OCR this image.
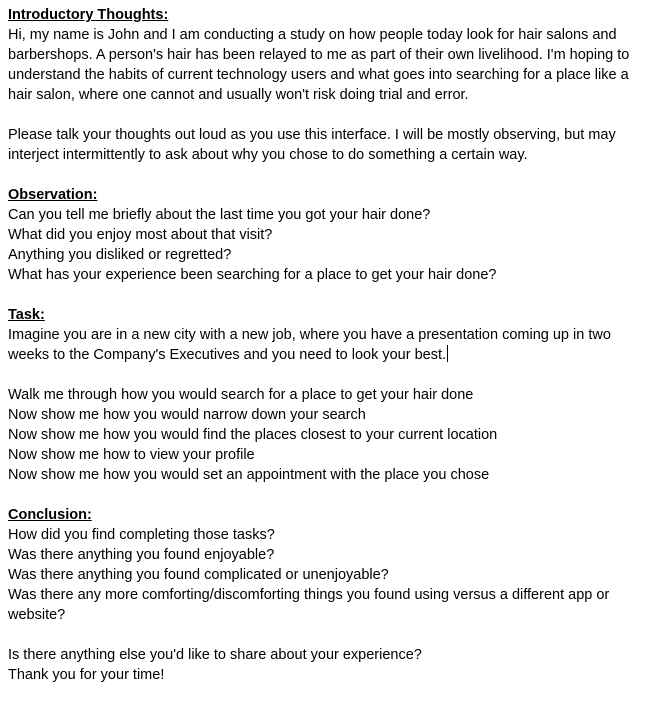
Introductory Thoughts:
Hi, my name is John and I am conducting a study on how people today look for hair salons and barbershops. A person's hair has been relayed to me as part of their own livelihood. I'm hoping to understand the habits of current technology users and what goes into searching for a place like a hair salon, where one cannot and usually won't risk doing trial and error.
Please talk your thoughts out loud as you use this interface. I will be mostly observing, but may interject intermittently to ask about why you chose to do something a certain way.
Observation:
Can you tell me briefly about the last time you got your hair done?
What did you enjoy most about that visit?
Anything you disliked or regretted?
What has your experience been searching for a place to get your hair done?
Task:
Imagine you are in a new city with a new job, where you have a presentation coming up in two weeks to the Company's Executives and you need to look your best.
Walk me through how you would search for a place to get your hair done
Now show me how you would narrow down your search
Now show me how you would find the places closest to your current location
Now show me how to view your profile
Now show me how you would set an appointment with the place you chose
Conclusion:
How did you find completing those tasks?
Was there anything you found enjoyable?
Was there anything you found complicated or unenjoyable?
Was there any more comforting/discomforting things you found using versus a different app or website?
Is there anything else you'd like to share about your experience?
Thank you for your time!
